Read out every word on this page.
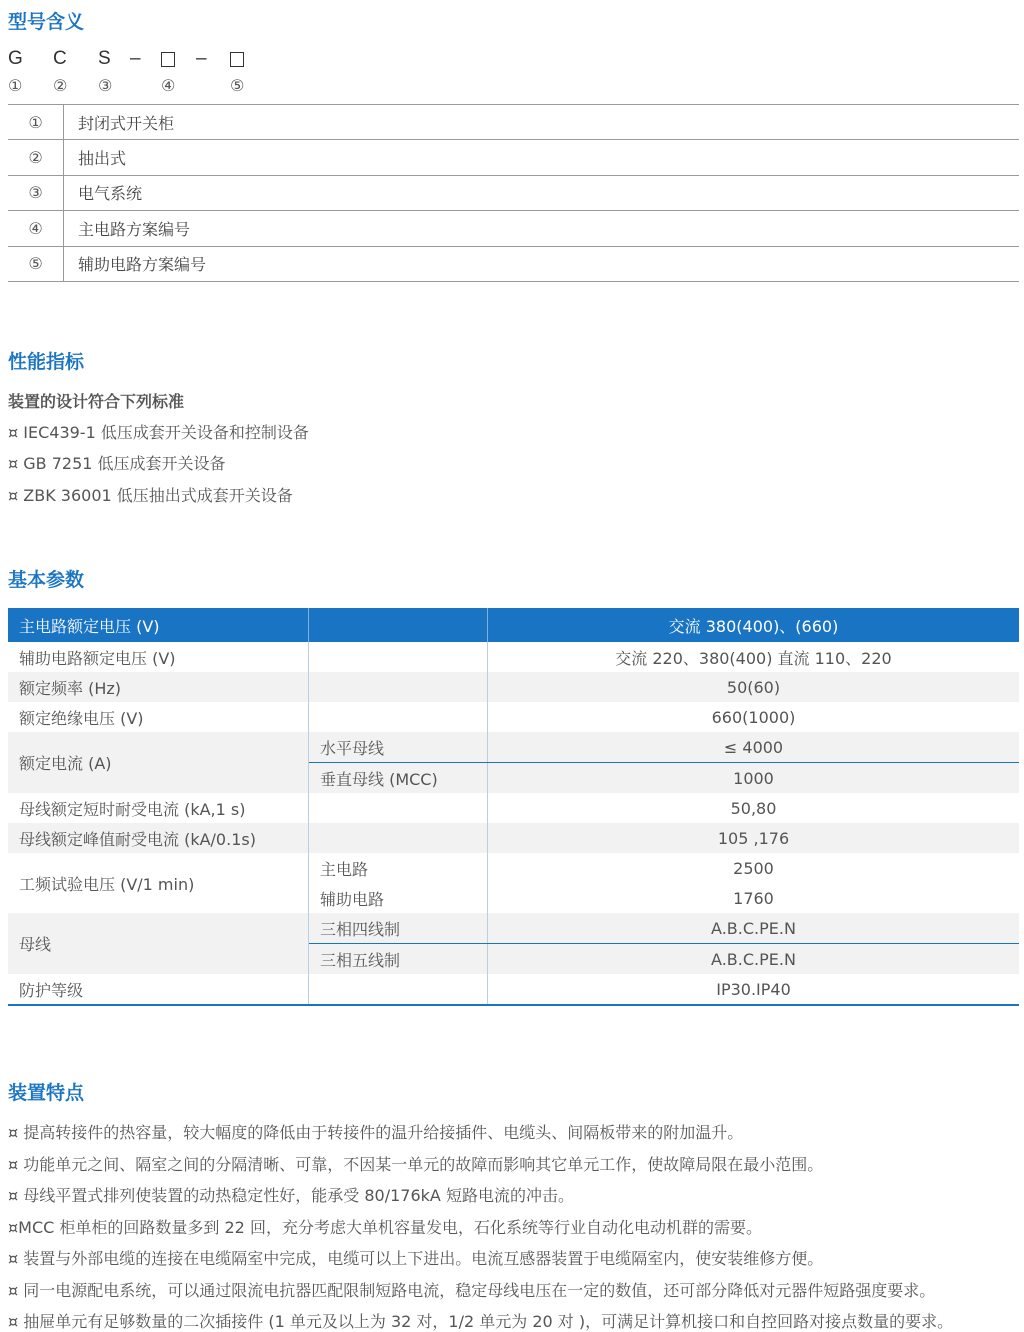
型号含义
G C S –	–
① ② ③	④	⑤
①	封闭式开关柜
②	抽出式
③	电气系统
④	主电路方案编号
⑤	辅助电路方案编号
性能指标

装置的设计符合下列标准

¤ IEC439-1 低压成套开关设备和控制设备

¤ GB 7251 低压成套开关设备

¤ ZBK 36001 低压抽出式成套开关设备

基本参数
主电路额定电压 (V)		交流 380(400)、(660)
辅助电路额定电压 (V)		交流 220、380(400) 直流 110、220
额定频率 (Hz)		50(60)
额定绝缘电压 (V)		660(1000)
额定电流 (A)	水平母线	≤ 4000
	垂直母线 (MCC)	1000
母线额定短时耐受电流 (kA,1 s)		50,80
母线额定峰值耐受电流 (kA/0.1s)		105 ,176
工频试验电压 (V/1 min)	主电路	2500
	辅助电路	1760
母线	三相四线制	A.B.C.PE.N
	三相五线制	A.B.C.PE.N
防护等级		IP30.IP40
装置特点

¤ 提高转接件的热容量，较大幅度的降低由于转接件的温升给接插件、电缆头、间隔板带来的附加温升。

¤ 功能单元之间、隔室之间的分隔清晰、可靠，不因某一单元的故障而影响其它单元工作，使故障局限在最小范围。

¤ 母线平置式排列使装置的动热稳定性好，能承受 80/176kA 短路电流的冲击。

¤MCC 柜单柜的回路数量多到 22 回，充分考虑大单机容量发电，石化系统等行业自动化电动机群的需要。

¤ 装置与外部电缆的连接在电缆隔室中完成，电缆可以上下进出。电流互感器装置于电缆隔室内，使安装维修方便。

¤ 同一电源配电系统，可以通过限流电抗器匹配限制短路电流，稳定母线电压在一定的数值，还可部分降低对元器件短路强度要求。

¤ 抽屉单元有足够数量的二次插接件 (1 单元及以上为 32 对，1/2 单元为 20 对 )，可满足计算机接口和自控回路对接点数量的要求。
